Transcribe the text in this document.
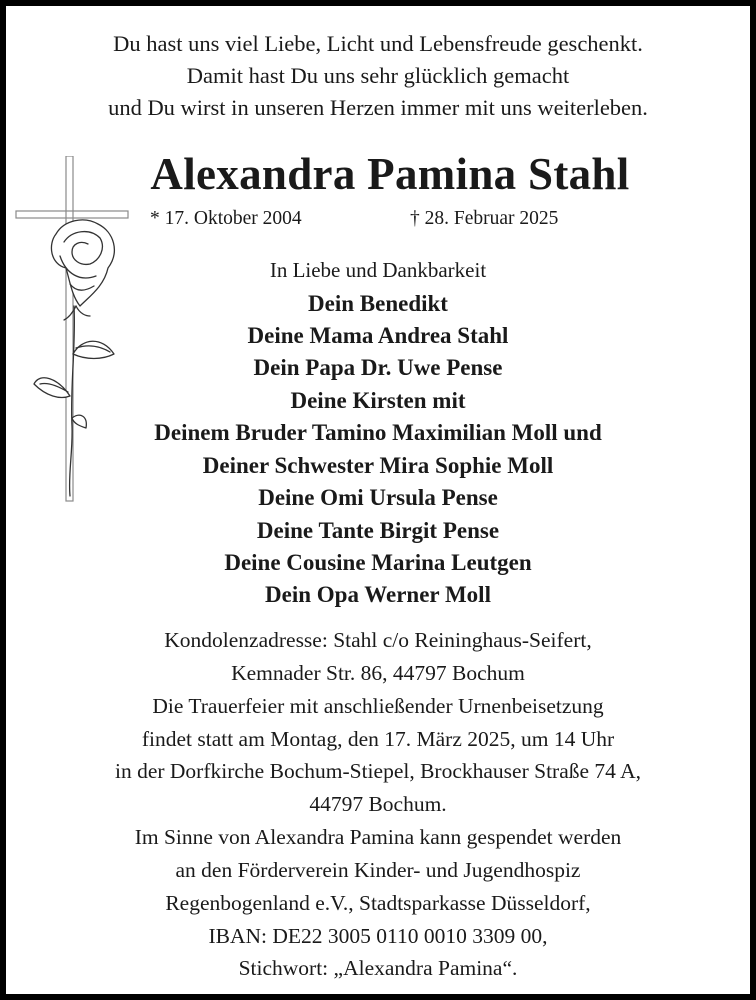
Du hast uns viel Liebe, Licht und Lebensfreude geschenkt.
Damit hast Du uns sehr glücklich gemacht
und Du wirst in unseren Herzen immer mit uns weiterleben.
Alexandra Pamina Stahl
* 17. Oktober 2004	† 28. Februar 2025
In Liebe und Dankbarkeit
Dein Benedikt
Deine Mama Andrea Stahl
Dein Papa Dr. Uwe Pense
Deine Kirsten mit
Deinem Bruder Tamino Maximilian Moll und
Deiner Schwester Mira Sophie Moll
Deine Omi Ursula Pense
Deine Tante Birgit Pense
Deine Cousine Marina Leutgen
Dein Opa Werner Moll
Kondolenzadresse: Stahl c/o Reininghaus-Seifert,
Kemnader Str. 86, 44797 Bochum
Die Trauerfeier mit anschließender Urnenbeisetzung
findet statt am Montag, den 17. März 2025, um 14 Uhr
in der Dorfkirche Bochum-Stiepel, Brockhauser Straße 74 A,
44797 Bochum.
Im Sinne von Alexandra Pamina kann gespendet werden
an den Förderverein Kinder- und Jugendhospiz
Regenbogenland e.V., Stadtsparkasse Düsseldorf,
IBAN: DE22 3005 0110 0010 3309 00,
Stichwort: „Alexandra Pamina“.
